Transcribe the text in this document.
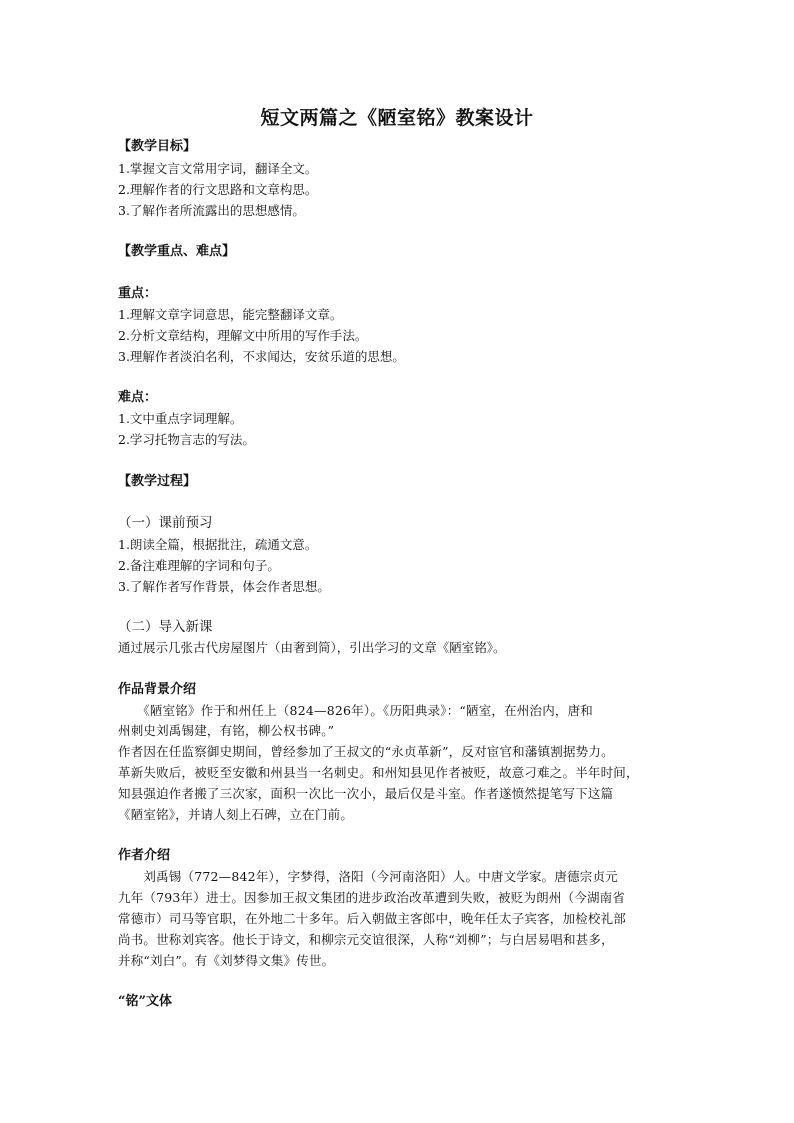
短文两篇之《陋室铭》教案设计
【教学目标】
1.掌握文言文常用字词，翻译全文。
2.理解作者的行文思路和文章构思。
3.了解作者所流露出的思想感情。
【教学重点、难点】
重点：
1.理解文章字词意思，能完整翻译文章。
2.分析文章结构，理解文中所用的写作手法。
3.理解作者淡泊名利，不求闻达，安贫乐道的思想。
难点：
1.文中重点字词理解。
2.学习托物言志的写法。
【教学过程】
（一）课前预习
1.朗读全篇，根据批注，疏通文意。
2.备注难理解的字词和句子。
3.了解作者写作背景，体会作者思想。
（二）导入新课
通过展示几张古代房屋图片（由奢到简），引出学习的文章《陋室铭》。
作品背景介绍
　　《陋室铭》作于和州任上（824—826年）。《历阳典录》：“陋室，在州治内，唐和
州刺史刘禹锡建，有铭，柳公权书碑。”
作者因在任监察御史期间，曾经参加了王叔文的“永贞革新”，反对宦官和藩镇割据势力。
革新失败后，被贬至安徽和州县当一名刺史。和州知县见作者被贬，故意刁难之。半年时间，
知县强迫作者搬了三次家，面积一次比一次小，最后仅是斗室。作者遂愤然提笔写下这篇
《陋室铭》，并请人刻上石碑，立在门前。
作者介绍
　　刘禹锡（772—842年），字梦得，洛阳（今河南洛阳）人。中唐文学家。唐德宗贞元
九年（793年）进士。因参加王叔文集团的进步政治改革遭到失败，被贬为朗州（今湖南省
常德市）司马等官职，在外地二十多年。后入朝做主客郎中，晚年任太子宾客，加检校礼部
尚书。世称刘宾客。他长于诗文，和柳宗元交谊很深，人称“刘柳”；与白居易唱和甚多，
并称“刘白”。有《刘梦得文集》传世。
“铭”文体
